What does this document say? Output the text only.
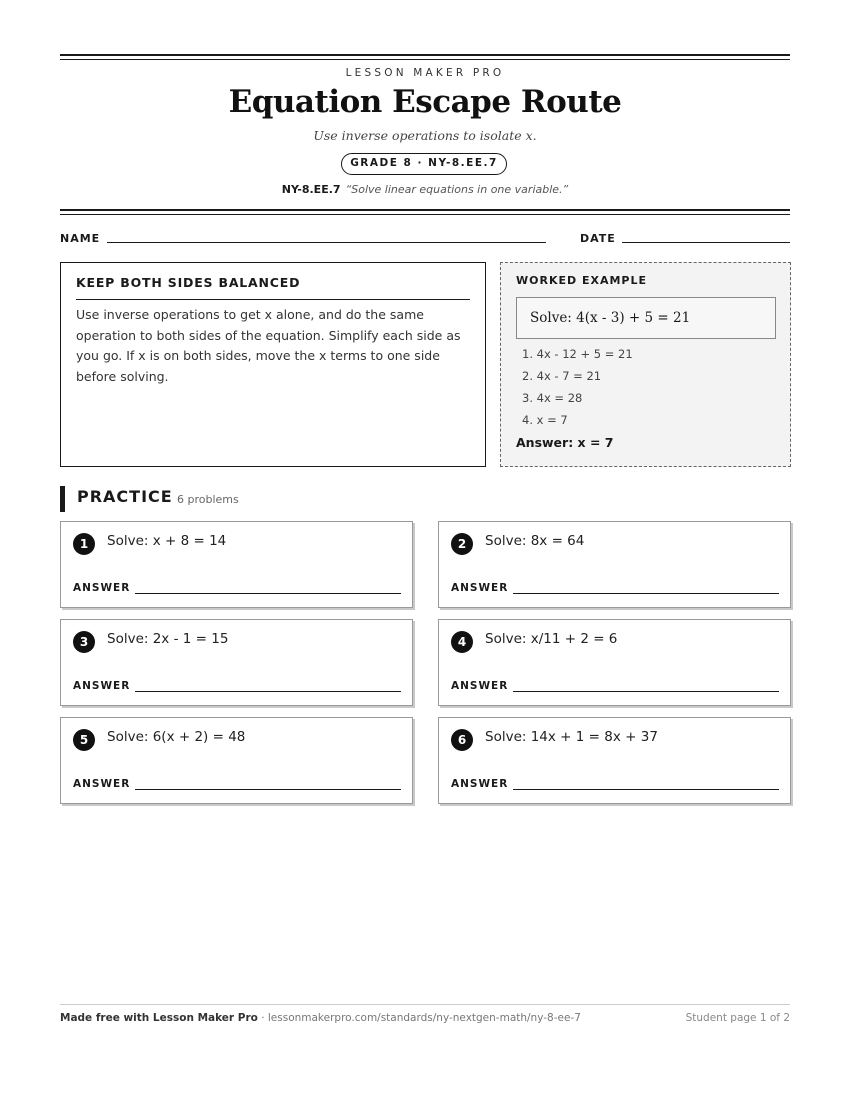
LESSON MAKER PRO
Equation Escape Route
Use inverse operations to isolate x.
GRADE 8 · NY-8.EE.7
NY-8.EE.7 “Solve linear equations in one variable.”
NAME	DATE
KEEP BOTH SIDES BALANCED
Use inverse operations to get x alone, and do the same operation to both sides of the equation. Simplify each side as you go. If x is on both sides, move the x terms to one side before solving.
WORKED EXAMPLE
Solve: 4(x - 3) + 5 = 21
1. 4x - 12 + 5 = 21
2. 4x - 7 = 21
3. 4x = 28
4. x = 7
Answer: x = 7
PRACTICE 6 problems
1	Solve: x + 8 = 14
ANSWER
2	Solve: 8x = 64
ANSWER
3	Solve: 2x - 1 = 15
ANSWER
4	Solve: x/11 + 2 = 6
ANSWER
5	Solve: 6(x + 2) = 48
ANSWER
6	Solve: 14x + 1 = 8x + 37
ANSWER
Made free with Lesson Maker Pro · lessonmakerpro.com/standards/ny-nextgen-math/ny-8-ee-7	Student page 1 of 2
